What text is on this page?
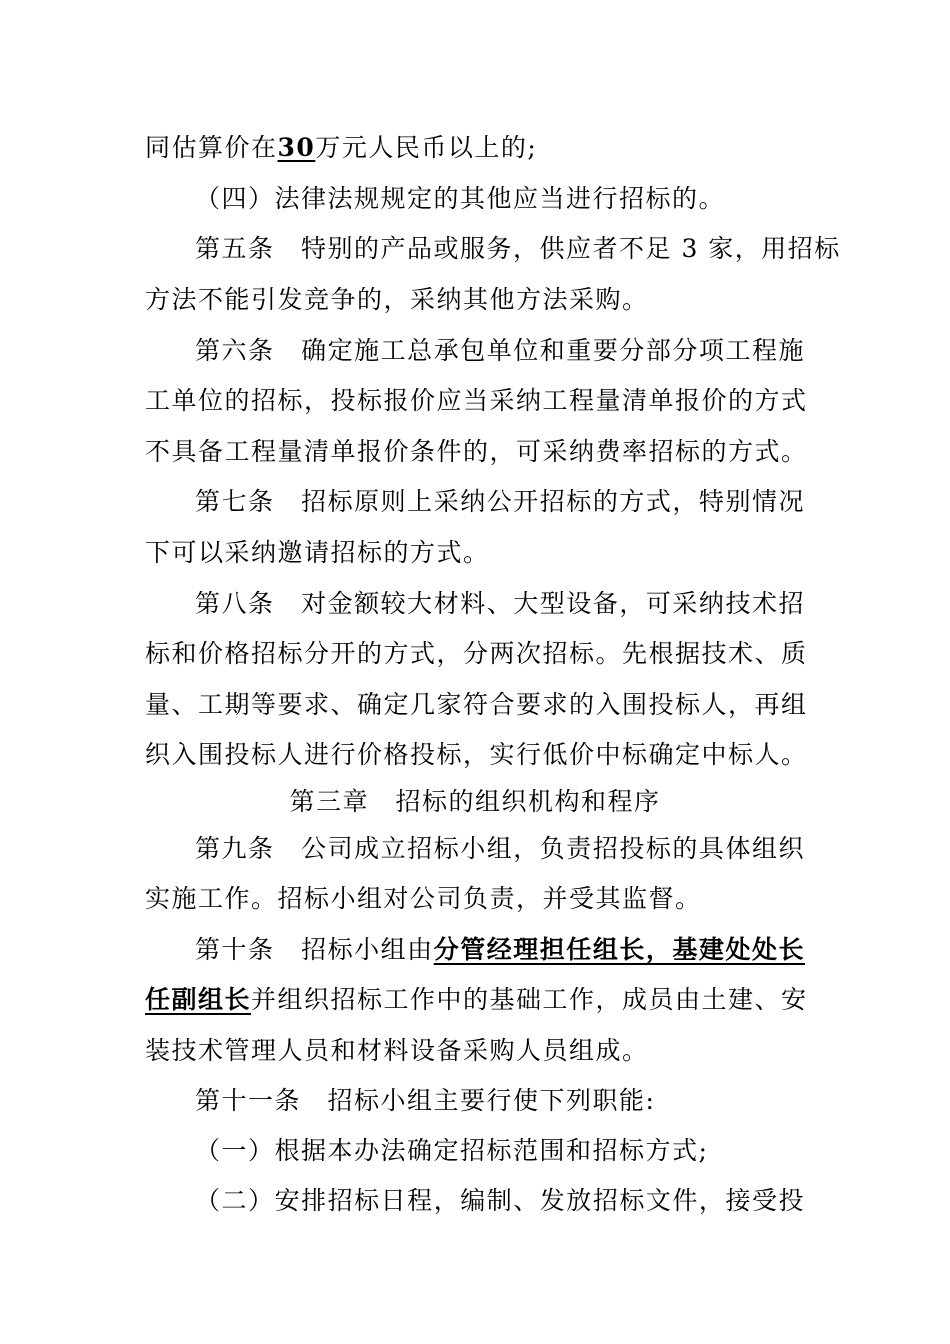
同估算价在30万元人民币以上的;
（四）法律法规规定的其他应当进行招标的。
第五条　特别的产品或服务，供应者不足 3 家，用招标
方法不能引发竞争的，采纳其他方法采购。
第六条　确定施工总承包单位和重要分部分项工程施
工单位的招标，投标报价应当采纳工程量清单报价的方式
不具备工程量清单报价条件的，可采纳费率招标的方式。
第七条　招标原则上采纳公开招标的方式，特别情况
下可以采纳邀请招标的方式。
第八条　对金额较大材料、大型设备，可采纳技术招
标和价格招标分开的方式，分两次招标。先根据技术、质
量、工期等要求、确定几家符合要求的入围投标人，再组
织入围投标人进行价格投标，实行低价中标确定中标人。
第三章　招标的组织机构和程序
第九条　公司成立招标小组，负责招投标的具体组织
实施工作。招标小组对公司负责，并受其监督。
第十条　招标小组由分管经理担任组长，基建处处长
任副组长并组织招标工作中的基础工作，成员由土建、安
装技术管理人员和材料设备采购人员组成。
第十一条　招标小组主要行使下列职能:
（一）根据本办法确定招标范围和招标方式;
（二）安排招标日程，编制、发放招标文件，接受投
